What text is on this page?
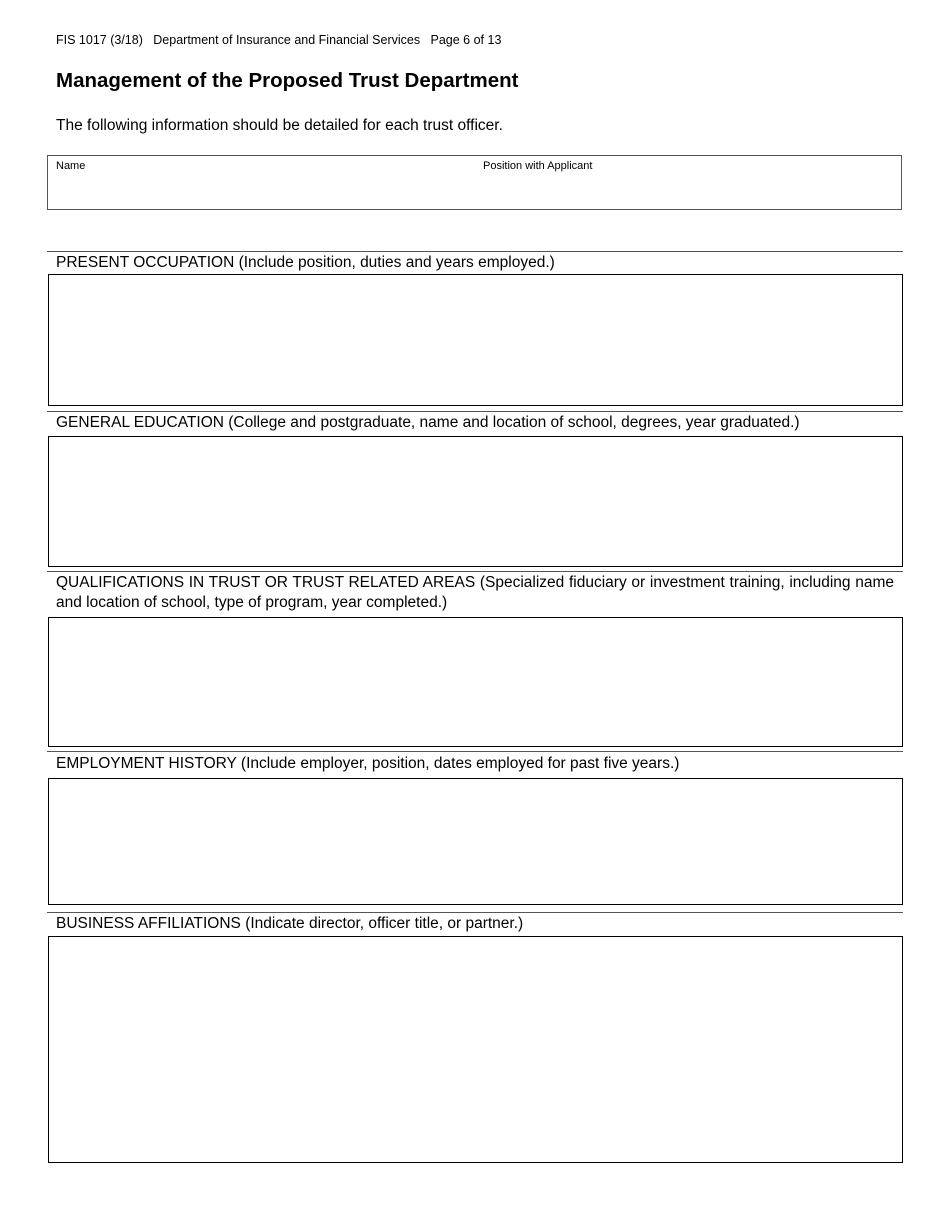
FIS 1017 (3/18) Department of Insurance and Financial Services Page 6 of 13
Management of the Proposed Trust Department
The following information should be detailed for each trust officer.
Name	Position with Applicant
PRESENT OCCUPATION (Include position, duties and years employed.)
GENERAL EDUCATION (College and postgraduate, name and location of school, degrees, year graduated.)
QUALIFICATIONS IN TRUST OR TRUST RELATED AREAS (Specialized fiduciary or investment training, including name and location of school, type of program, year completed.)
EMPLOYMENT HISTORY (Include employer, position, dates employed for past five years.)
BUSINESS AFFILIATIONS (Indicate director, officer title, or partner.)
